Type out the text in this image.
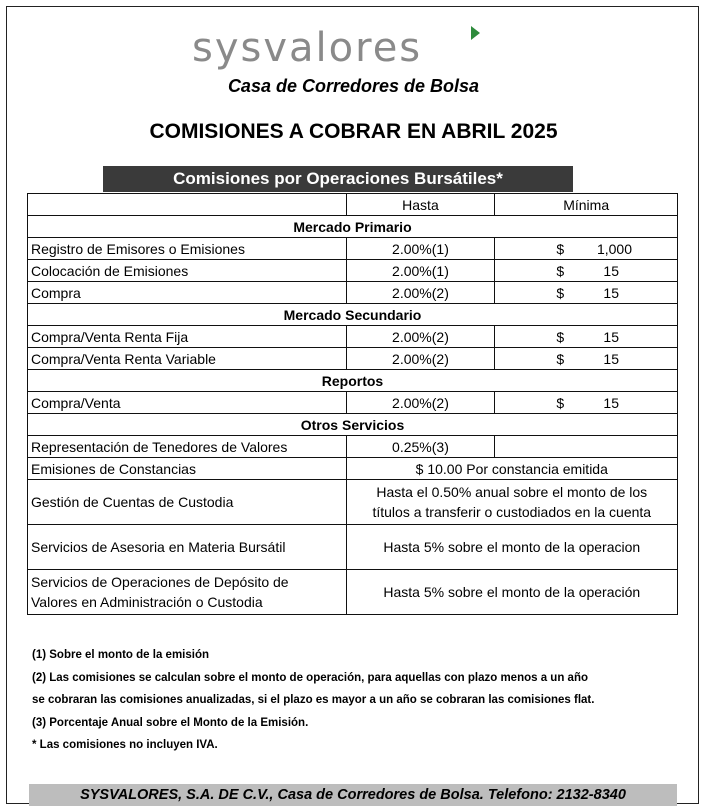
sysvalores
Casa de Corredores de Bolsa
COMISIONES A COBRAR EN ABRIL 2025
Comisiones por Operaciones Bursátiles*
	Hasta	Mínima
Mercado Primario		
Registro de Emisores o Emisiones	2.00%(1)	$ 1,000

Colocación de Emisiones	2.00%(1)	$ 15

Compra	2.00%(2)	$ 15

Mercado Secundario		
Compra/Venta Renta Fija	2.00%(2)	$ 15

Compra/Venta Renta Variable	2.00%(2)	$ 15

Reportos		
Compra/Venta	2.00%(2)	$ 15

Otros Servicios		
Representación de Tenedores de Valores	0.25%(3)	
Emisiones de Constancias	$ 10.00 Por constancia emitida	
Gestión de Cuentas de Custodia	Hasta el 0.50% anual sobre el monto de los
títulos a transferir o custodiados en la cuenta	

Servicios de Asesoria en Materia Bursátil	Hasta 5% sobre el monto de la operacion	

Servicios de Operaciones de Depósito de
Valores en Administración o Custodia	Hasta 5% sobre el monto de la operación	
(1) Sobre el monto de la emisión
(2) Las comisiones se calculan sobre el monto de operación, para aquellas con plazo menos a un año
se cobraran las comisiones anualizadas, si el plazo es mayor a un año se cobraran las comisiones flat.
(3) Porcentaje Anual sobre el Monto de la Emisión.
* Las comisiones no incluyen IVA.
SYSVALORES, S.A. DE C.V., Casa de Corredores de Bolsa. Telefono: 2132-8340
